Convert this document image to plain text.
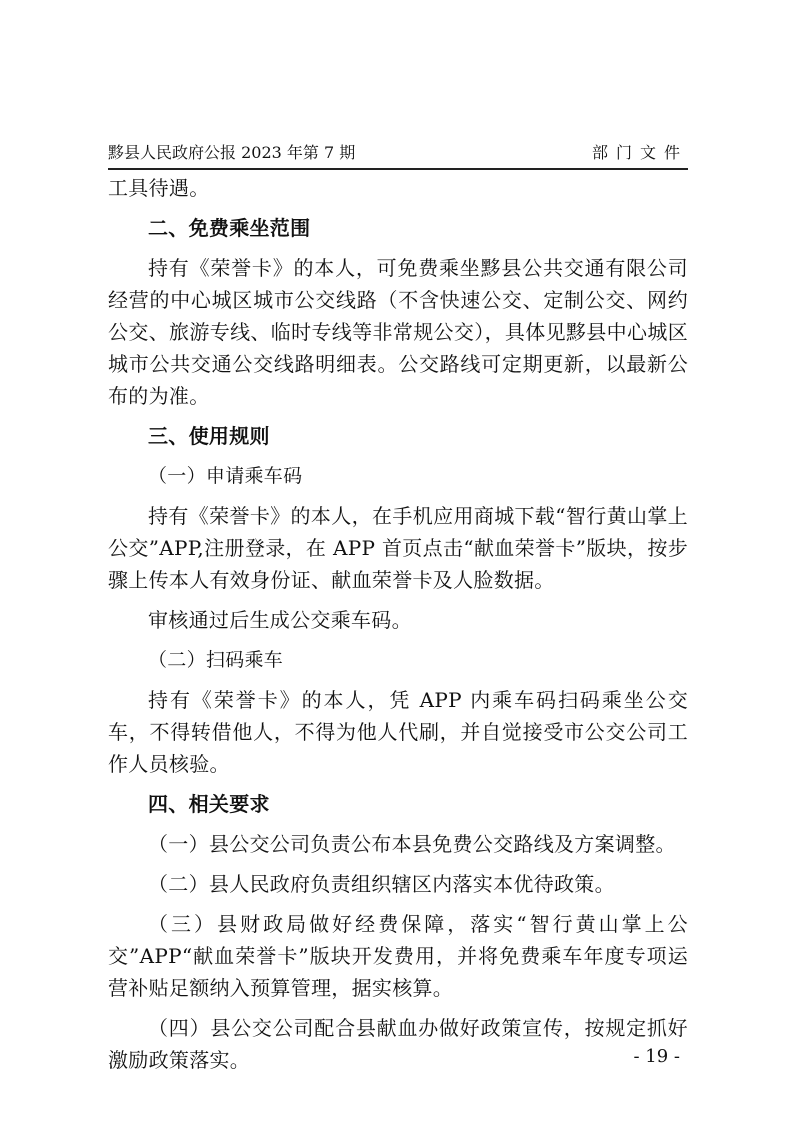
黟县人民政府公报 2023 年第 7 期	部门文件

工具待遇。

二、免费乘坐范围

持有《荣誉卡》的本人，可免费乘坐黟县公共交通有限公司经营的中心城区城市公交线路（不含快速公交、定制公交、网约公交、旅游专线、临时专线等非常规公交），具体见黟县中心城区城市公共交通公交线路明细表。公交路线可定期更新，以最新公布的为准。

三、使用规则

（一）申请乘车码

持有《荣誉卡》的本人，在手机应用商城下载“智行黄山掌上公交”APP,注册登录，在 APP 首页点击“献血荣誉卡”版块，按步骤上传本人有效身份证、献血荣誉卡及人脸数据。

审核通过后生成公交乘车码。

（二）扫码乘车

持有《荣誉卡》的本人，凭 APP 内乘车码扫码乘坐公交车，不得转借他人，不得为他人代刷，并自觉接受市公交公司工作人员核验。

四、相关要求

（一）县公交公司负责公布本县免费公交路线及方案调整。

（二）县人民政府负责组织辖区内落实本优待政策。

（三）县财政局做好经费保障，落实“智行黄山掌上公交”APP“献血荣誉卡”版块开发费用，并将免费乘车年度专项运营补贴足额纳入预算管理，据实核算。

（四）县公交公司配合县献血办做好政策宣传，按规定抓好激励政策落实。	- 19 -
